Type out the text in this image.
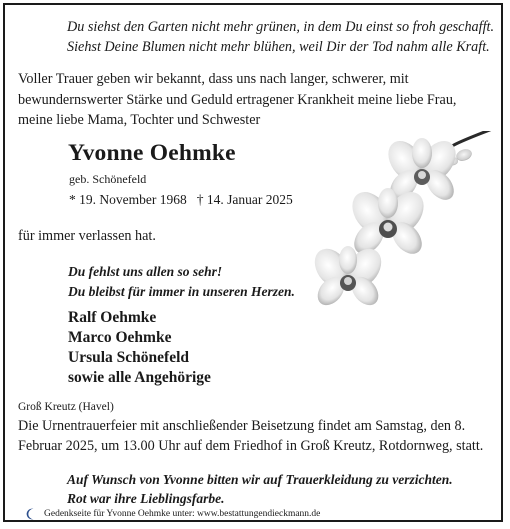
Du siehst den Garten nicht mehr grünen, in dem Du einst so froh geschafft.
Siehst Deine Blumen nicht mehr blühen, weil Dir der Tod nahm alle Kraft.
Voller Trauer geben wir bekannt, dass uns nach langer, schwerer, mit bewundernswerter Stärke und Geduld ertragener Krankheit meine liebe Frau, meine liebe Mama, Tochter und Schwester
Yvonne Oehmke
geb. Schönefeld
* 19. November 1968 † 14. Januar 2025
für immer verlassen hat.
Du fehlst uns allen so sehr!
Du bleibst für immer in unseren Herzen.
Ralf Oehmke
Marco Oehmke
Ursula Schönefeld
sowie alle Angehörige
Groß Kreutz (Havel)
Die Urnentrauerfeier mit anschließender Beisetzung findet am Samstag, den 8. Februar 2025, um 13.00 Uhr auf dem Friedhof in Groß Kreutz, Rotdornweg, statt.
Auf Wunsch von Yvonne bitten wir auf Trauerkleidung zu verzichten.
Rot war ihre Lieblingsfarbe.
Gedenkseite für Yvonne Oehmke unter: www.bestattungendieckmann.de
